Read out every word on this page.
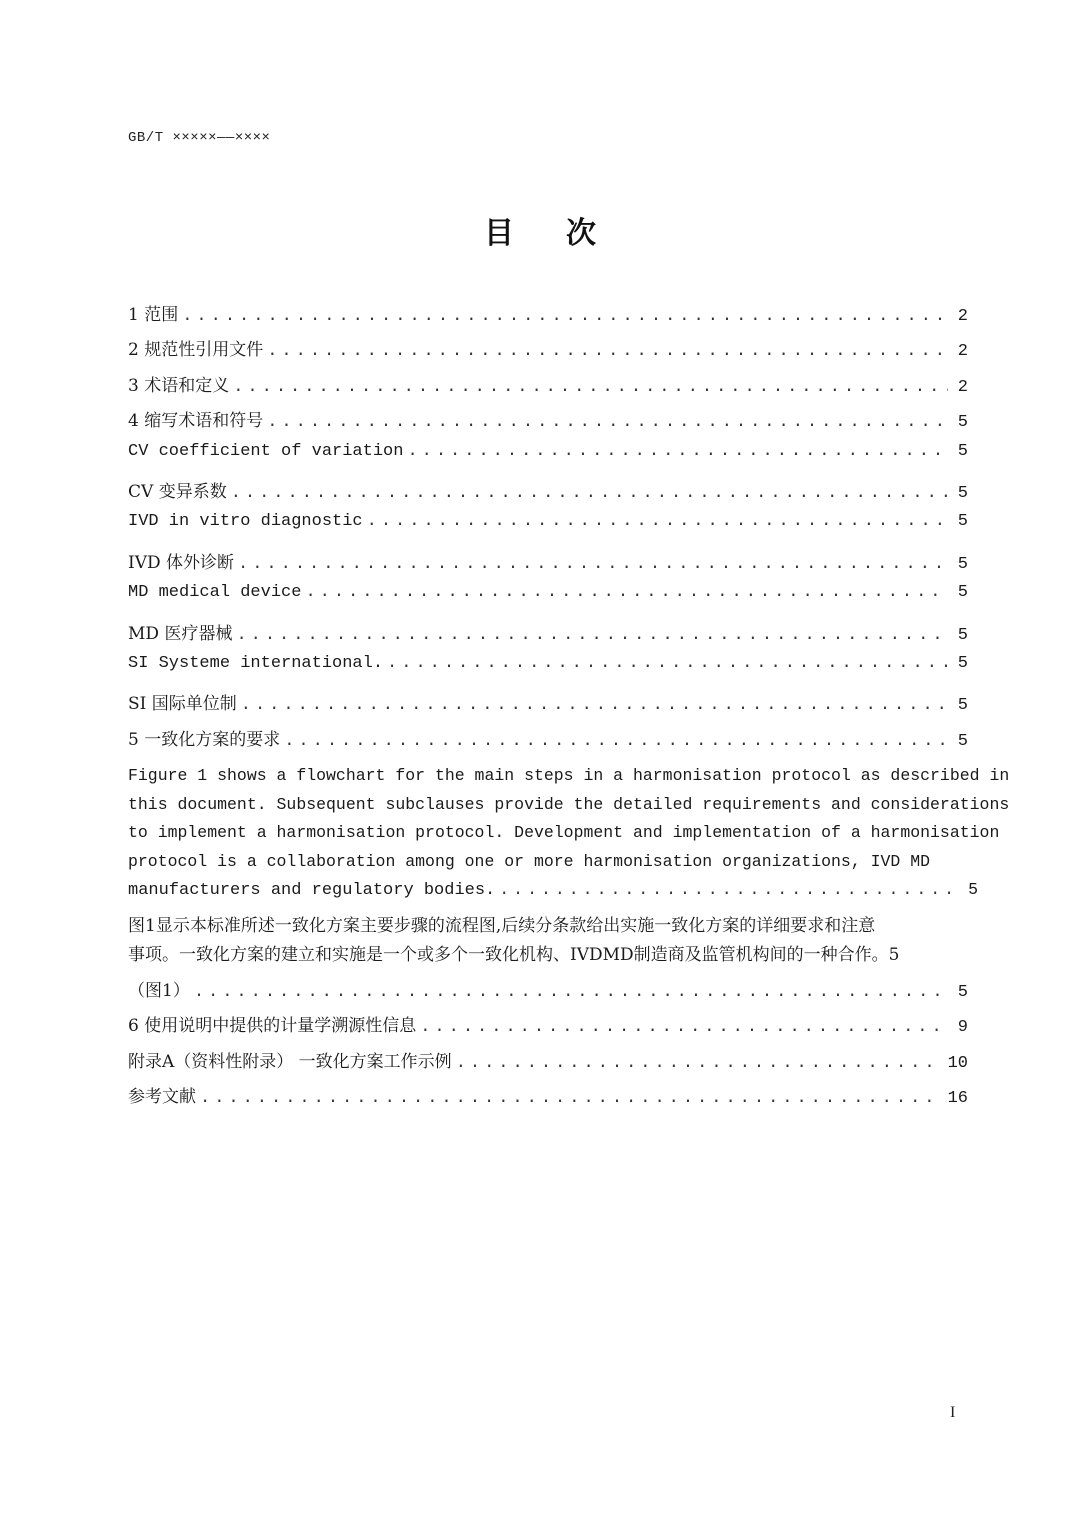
GB/T ×××××——××××
目次
1 范围 .....	2
2 规范性引用文件 .....	2
3 术语和定义 .....	2
4 缩写术语和符号 .....	5
CV coefficient of variation .....	5
CV 变异系数 .....	5
IVD in vitro diagnostic .....	5
IVD 体外诊断 .....	5
MD medical device .....	5
MD 医疗器械 .....	5
SI Systeme international. .....	5
SI 国际单位制 .....	5
5 一致化方案的要求 .....	5
Figure 1 shows a flowchart for the main steps in a harmonisation protocol as described in
this document. Subsequent subclauses provide the detailed requirements and considerations
to implement a harmonisation protocol. Development and implementation of a harmonisation
protocol is a collaboration among one or more harmonisation organizations, IVD MD
manufacturers and regulatory bodies. .....	5
图1显示本标准所述一致化方案主要步骤的流程图,后续分条款给出实施一致化方案的详细要求和注意
事项。一致化方案的建立和实施是一个或多个一致化机构、IVDMD制造商及监管机构间的一种合作。5
（图1） .....	5
6 使用说明中提供的计量学溯源性信息 .....	9
附录A（资料性附录） 一致化方案工作示例 .....	10
参考文献 .....	16
I
